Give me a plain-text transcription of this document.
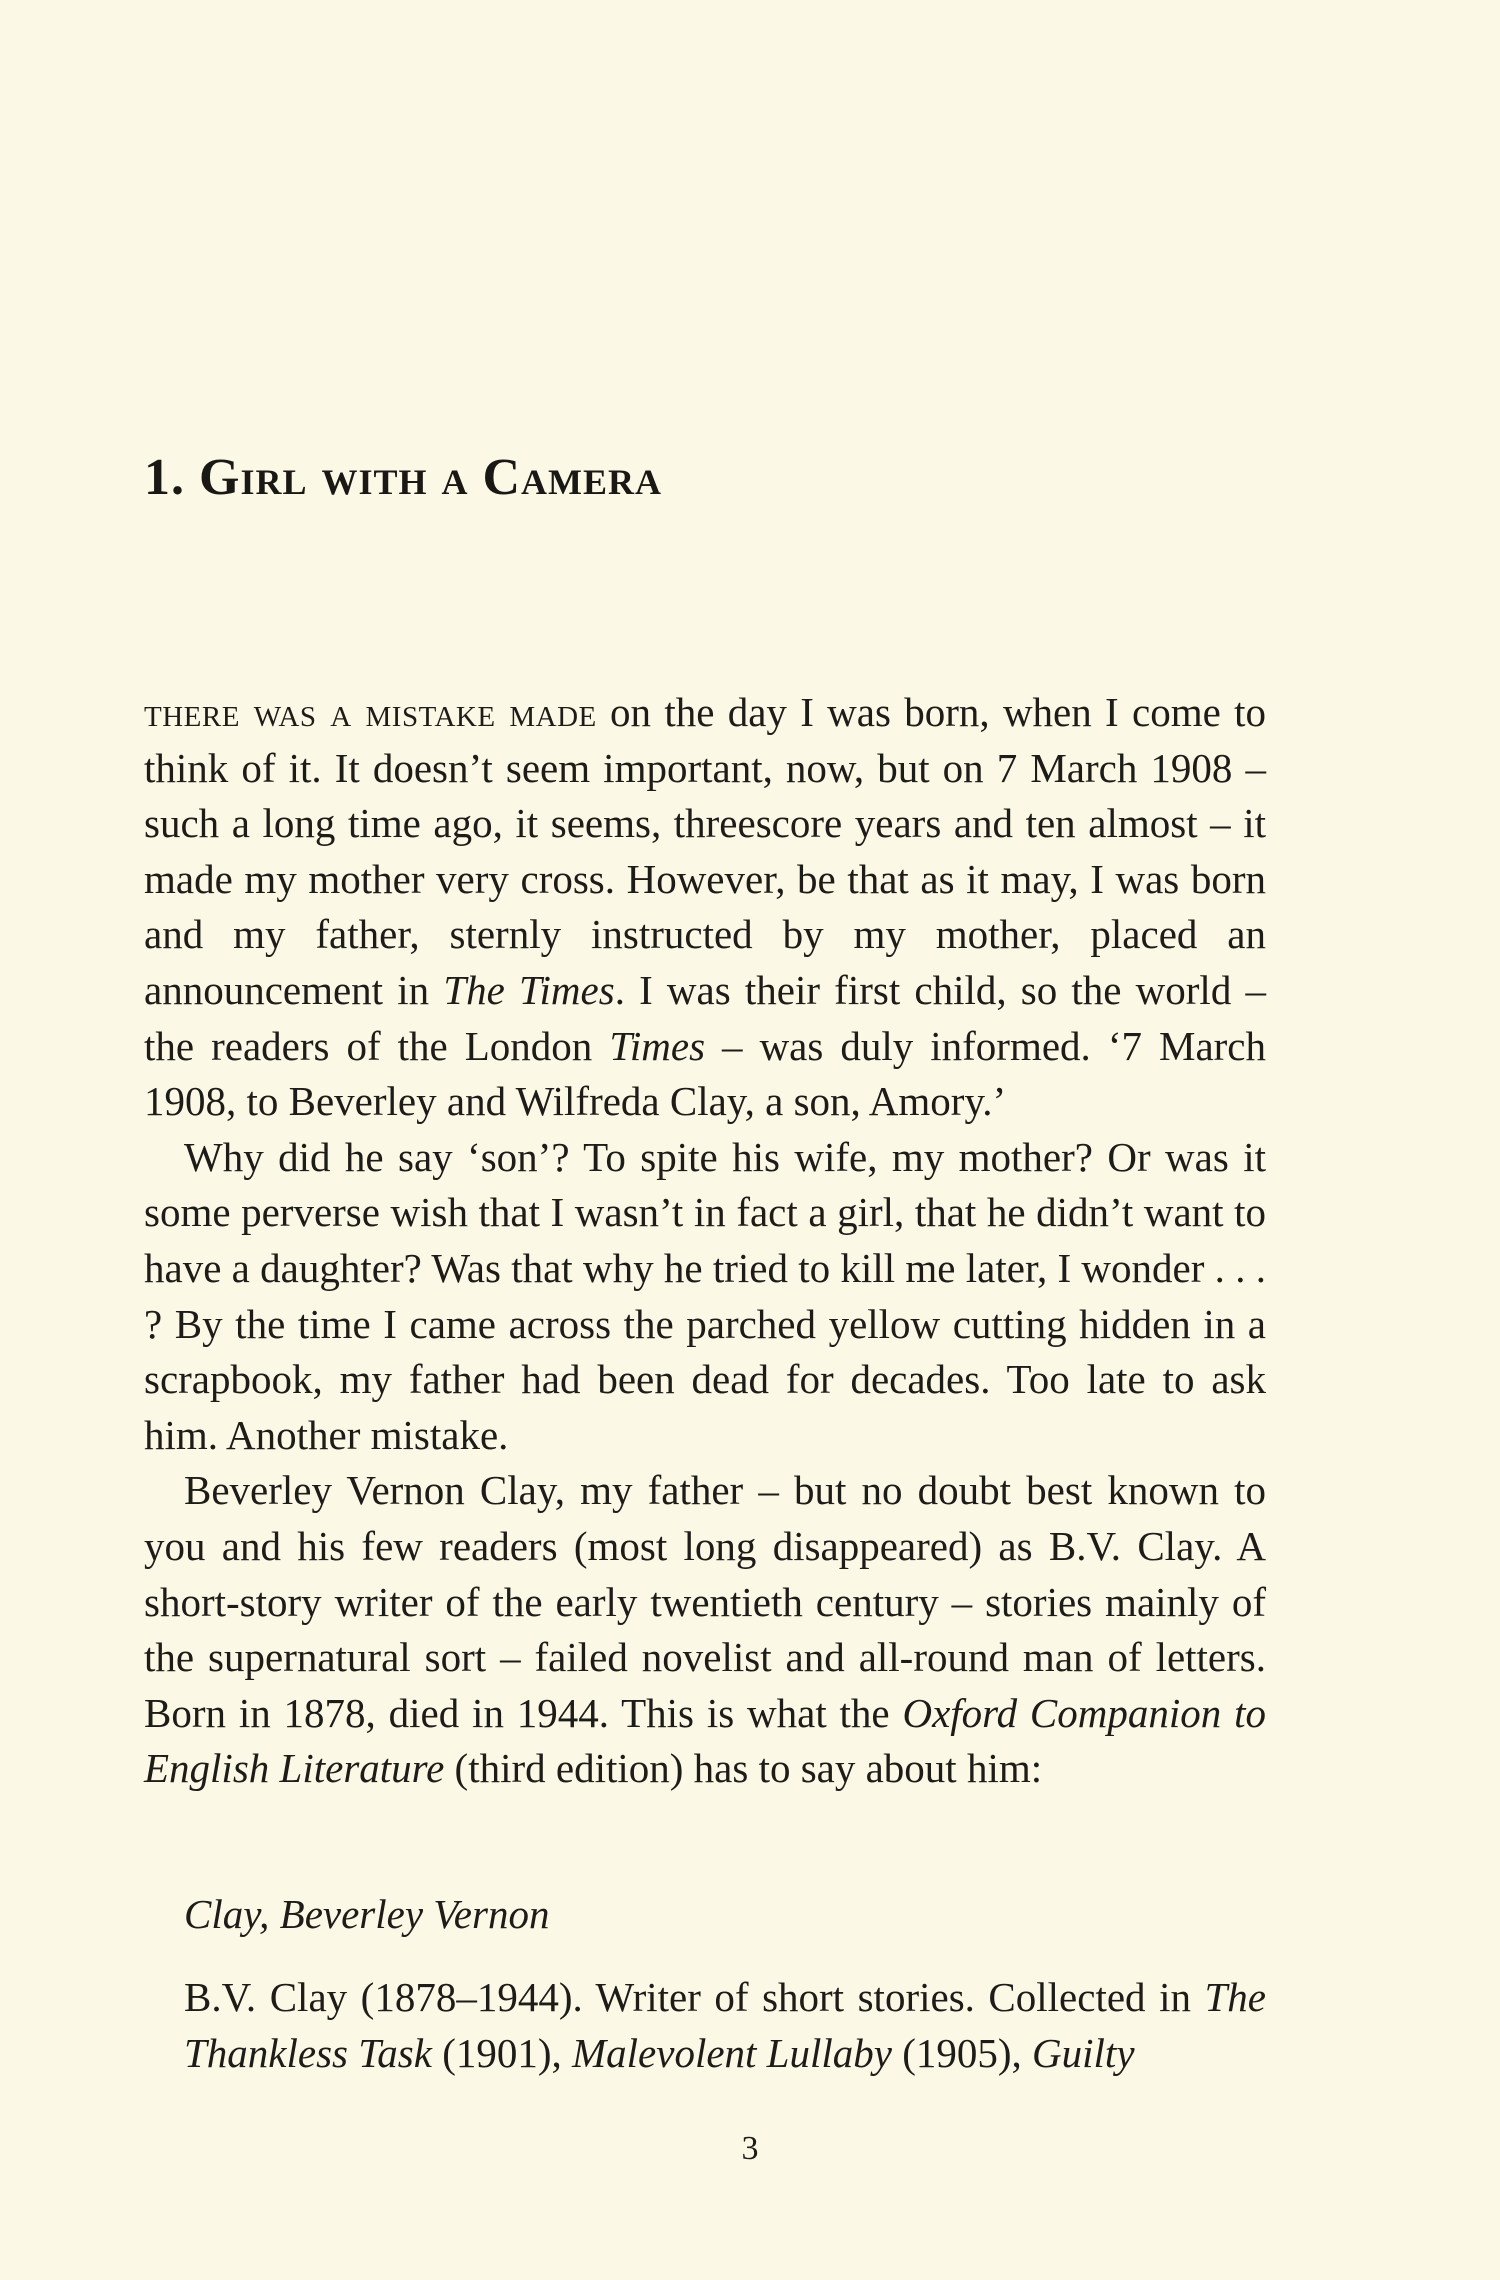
1. Girl with a Camera

there was a mistake made on the day I was born, when I come to think of it. It doesn’t seem important, now, but on 7 March 1908 – such a long time ago, it seems, threescore years and ten almost – it made my mother very cross. However, be that as it may, I was born and my father, sternly instructed by my mother, placed an announcement in The Times. I was their first child, so the world – the readers of the London Times – was duly informed. ‘7 March 1908, to Beverley and Wilfreda Clay, a son, Amory.’

Why did he say ‘son’? To spite his wife, my mother? Or was it some perverse wish that I wasn’t in fact a girl, that he didn’t want to have a daughter? Was that why he tried to kill me later, I wonder . . . ? By the time I came across the parched yellow cutting hidden in a scrapbook, my father had been dead for decades. Too late to ask him. Another mistake.

Beverley Vernon Clay, my father – but no doubt best known to you and his few readers (most long disappeared) as B.V. Clay. A short-story writer of the early twentieth century – stories mainly of the supernatural sort – failed novelist and all-round man of letters. Born in 1878, died in 1944. This is what the Oxford Companion to English Literature (third edition) has to say about him:

Clay, Beverley Vernon

B.V. Clay (1878–1944). Writer of short stories. Collected in The Thankless Task (1901), Malevolent Lullaby (1905), Guilty

3
